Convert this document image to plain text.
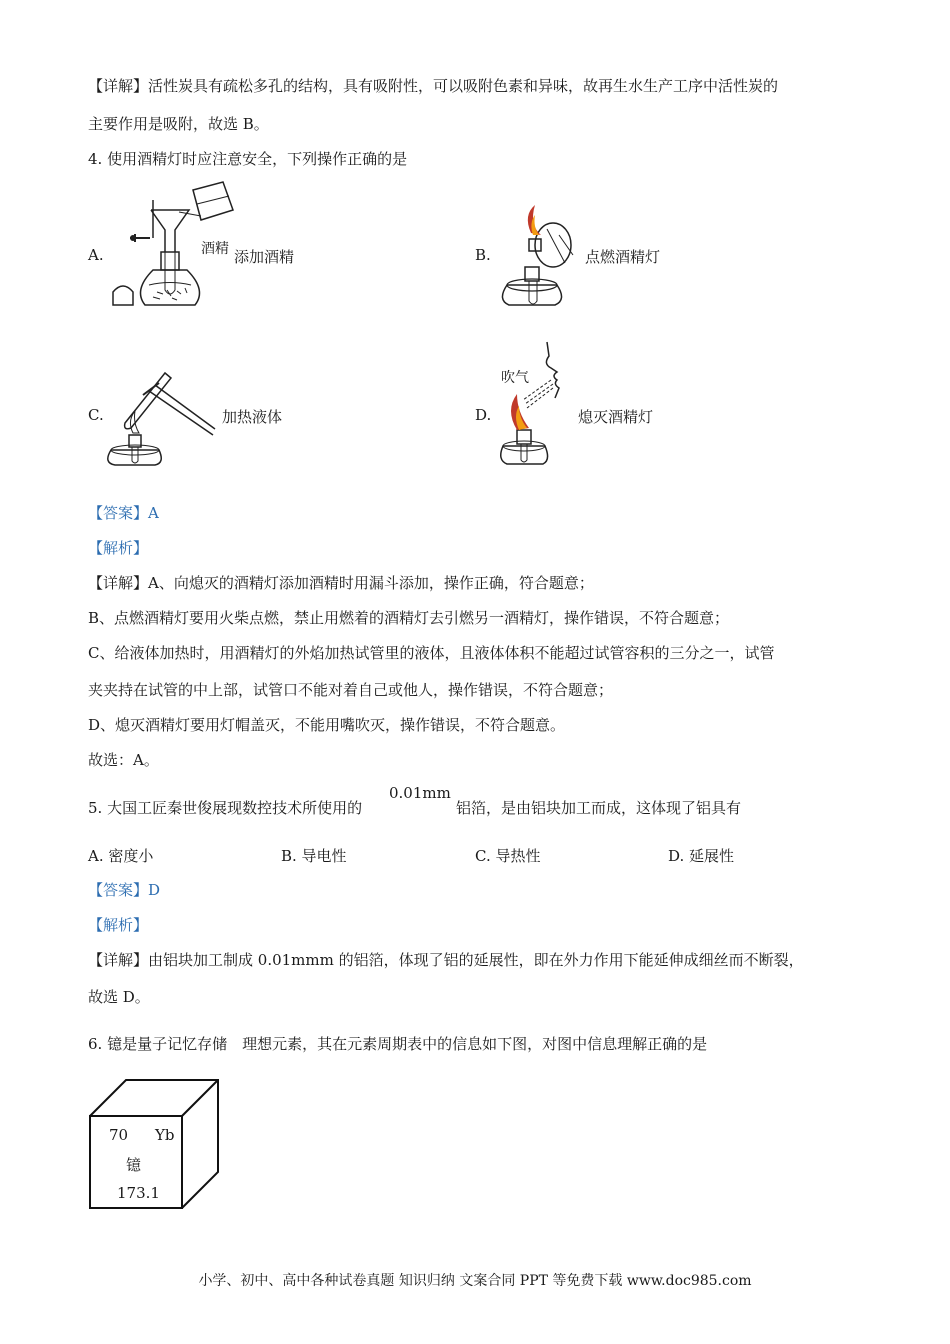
【详解】活性炭具有疏松多孔的结构，具有吸附性，可以吸附色素和异味，故再生水生产工序中活性炭的
主要作用是吸附，故选 B。
4. 使用酒精灯时应注意安全，下列操作正确的是
A.	酒精 添加酒精	B.	点燃酒精灯
C.	加热液体	D.
吹气
熄灭酒精灯
【答案】A
【解析】
【详解】A、向熄灭的酒精灯添加酒精时用漏斗添加，操作正确，符合题意；
B、点燃酒精灯要用火柴点燃，禁止用燃着的酒精灯去引燃另一酒精灯，操作错误，不符合题意；
C、给液体加热时，用酒精灯的外焰加热试管里的液体，且液体体积不能超过试管容积的三分之一，试管
夹夹持在试管的中上部，试管口不能对着自己或他人，操作错误，不符合题意；
D、熄灭酒精灯要用灯帽盖灭，不能用嘴吹灭，操作错误，不符合题意。
故选：A。
5. 大国工匠秦世俊展现数控技术所使用的
0.01mm
铝箔，是由铝块加工而成，这体现了铝具有
A. 密度小	B. 导电性	C. 导热性	D. 延展性
【答案】D
【解析】
【详解】由铝块加工制成 0.01mmm 的铝箔，体现了铝的延展性，即在外力作用下能延伸成细丝而不断裂，
故选 D。
6. 镱是量子记忆存储　理想元素，其在元素周期表中的信息如下图，对图中信息理解正确的是
70 Yb
镱
173.1
小学、初中、高中各种试卷真题 知识归纳 文案合同 PPT 等免费下载 www.doc985.com
